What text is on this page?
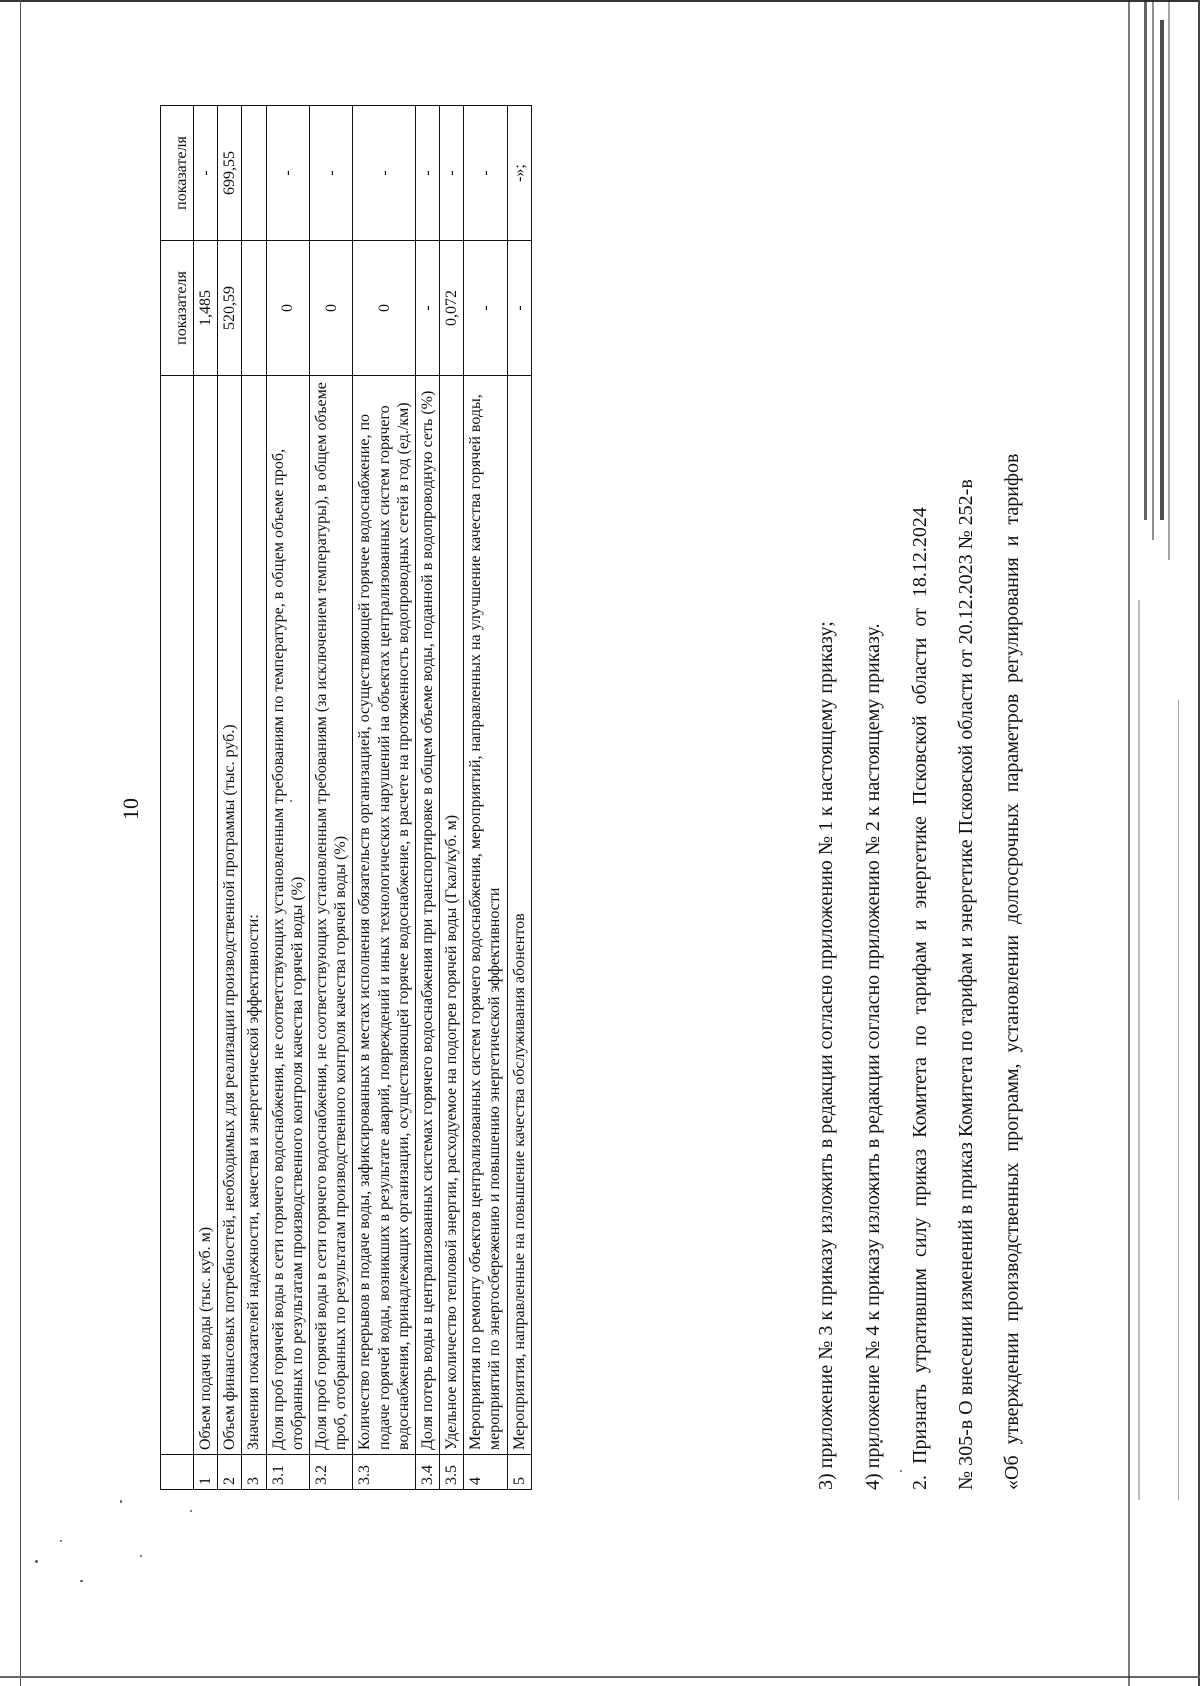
10
		показателя	показателя
1	Объем подачи воды (тыс. куб. м)	1,485	-
2	Объем финансовых потребностей, необходимых для реализации производственной программы (тыс. руб.)	520,59	699,55
3	Значения показателей надежности, качества и энергетической эффективности:		
3.1	Доля проб горячей воды в сети горячего водоснабжения, не соответствующих установленным требованиям по температуре, в общем объеме проб, отобранных по результатам производственного контроля качества горячей воды (%)	0	-
3.2	Доля проб горячей воды в сети горячего водоснабжения, не соответствующих установленным требованиям (за исключением температуры), в общем объеме проб, отобранных по результатам производственного контроля качества горячей воды (%)	0	-
3.3	Количество перерывов в подаче воды, зафиксированных в местах исполнения обязательств организацией, осуществляющей горячее водоснабжение, по подаче горячей воды, возникших в результате аварий, повреждений и иных технологических нарушений на объектах централизованных систем горячего водоснабжения, принадлежащих организации, осуществляющей горячее водоснабжение, в расчете на протяженность водопроводных сетей в год (ед./км)	0	-
3.4	Доля потерь воды в централизованных системах горячего водоснабжения при транспортировке в общем объеме воды, поданной в водопроводную сеть (%)	-	-
3.5	Удельное количество тепловой энергии, расходуемое на подогрев горячей воды (Гкал/куб. м)	0,072	-
4	Мероприятия по ремонту объектов централизованных систем горячего водоснабжения, мероприятий, направленных на улучшение качества горячей воды, мероприятий по энергосбережению и повышению энергетической эффективности	-	-
5	Мероприятия, направленные на повышение качества обслуживания абонентов	-	-»;
3) приложение № 3 к приказу изложить в редакции согласно приложению № 1 к настоящему приказу; 4) приложение № 4 к приказу изложить в редакции согласно приложению № 2 к настоящему приказу. 2. Признать утратившим силу приказ Комитета по тарифам и энергетике Псковской области от 18.12.2024 № 305-в О внесении изменений в приказ Комитета по тарифам и энергетике Псковской области от 20.12.2023 № 252-в «Об утверждении производственных программ, установлении долгосрочных параметров регулирования и тарифов
